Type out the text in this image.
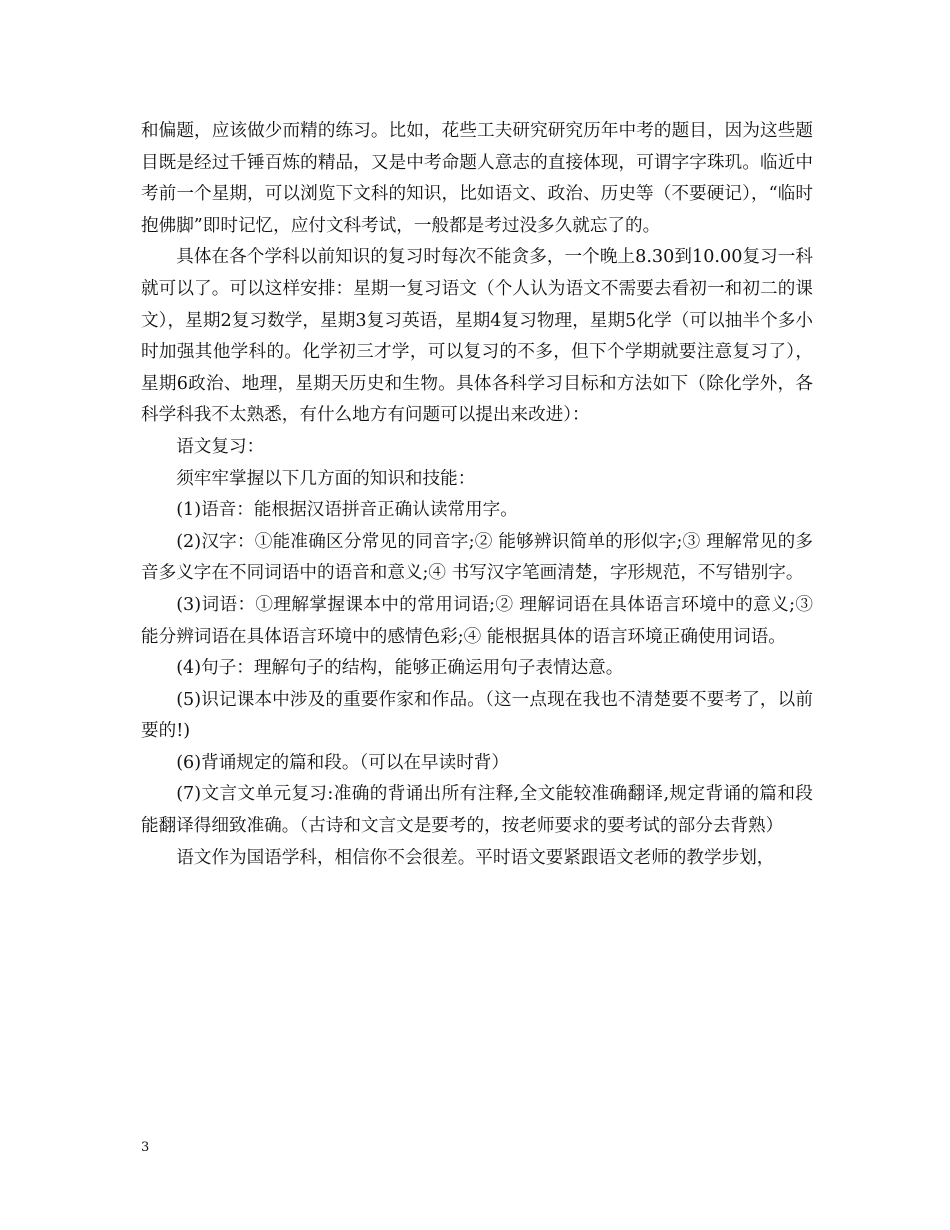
和偏题，应该做少而精的练习。比如，花些工夫研究研究历年中考的题目，因为这些题目既是经过千锤百炼的精品，又是中考命题人意志的直接体现，可谓字字珠玑。临近中考前一个星期，可以浏览下文科的知识，比如语文、政治、历史等（不要硬记），“临时抱佛脚”即时记忆，应付文科考试，一般都是考过没多久就忘了的。

具体在各个学科以前知识的复习时每次不能贪多，一个晚上8.30到10.00复习一科就可以了。可以这样安排：星期一复习语文（个人认为语文不需要去看初一和初二的课文），星期2复习数学，星期3复习英语，星期4复习物理，星期5化学（可以抽半个多小时加强其他学科的。化学初三才学，可以复习的不多，但下个学期就要注意复习了），星期6政治、地理，星期天历史和生物。具体各科学习目标和方法如下（除化学外，各科学科我不太熟悉，有什么地方有问题可以提出来改进）：

语文复习：

须牢牢掌握以下几方面的知识和技能：

(1)语音：能根据汉语拼音正确认读常用字。

(2)汉字：①能准确区分常见的同音字;② 能够辨识简单的形似字;③ 理解常见的多音多义字在不同词语中的语音和意义;④ 书写汉字笔画清楚，字形规范，不写错别字。

(3)词语：①理解掌握课本中的常用词语;② 理解词语在具体语言环境中的意义;③ 能分辨词语在具体语言环境中的感情色彩;④ 能根据具体的语言环境正确使用词语。

(4)句子：理解句子的结构，能够正确运用句子表情达意。

(5)识记课本中涉及的重要作家和作品。（这一点现在我也不清楚要不要考了，以前要的!)

(6)背诵规定的篇和段。（可以在早读时背）

(7)文言文单元复习:准确的背诵出所有注释,全文能较准确翻译,规定背诵的篇和段能翻译得细致准确。（古诗和文言文是要考的，按老师要求的要考试的部分去背熟）

语文作为国语学科，相信你不会很差。平时语文要紧跟语文老师的教学步划，

3
